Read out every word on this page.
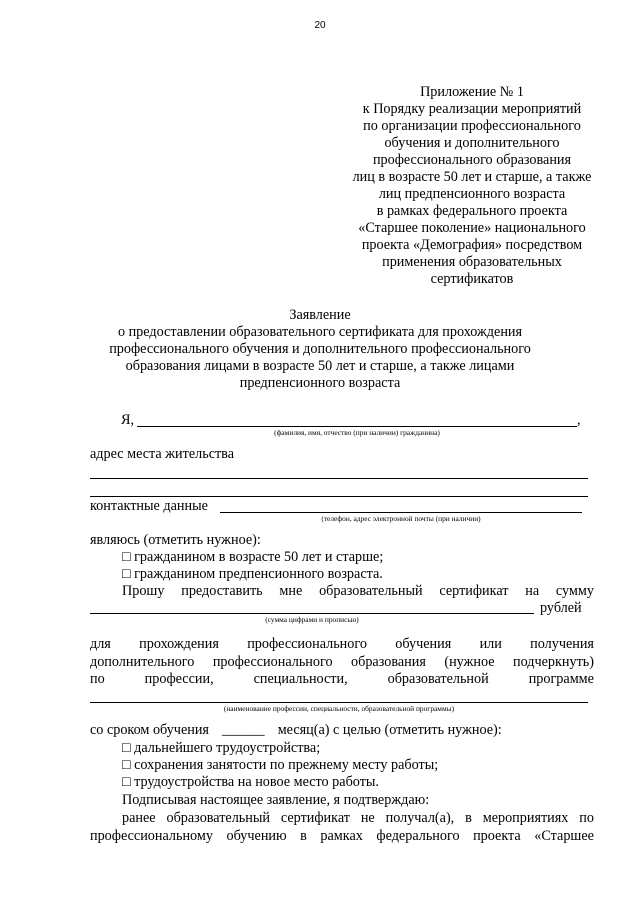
20
Приложение № 1
к Порядку реализации мероприятий
по организации профессионального
обучения и дополнительного
профессионального образования
лиц в возрасте 50 лет и старше, а также
лиц предпенсионного возраста
в рамках федерального проекта
«Старшее поколение» национального
проекта «Демография» посредством
применения образовательных
сертификатов
Заявление
о предоставлении образовательного сертификата для прохождения
профессионального обучения и дополнительного профессионального
образования лицами в возрасте 50 лет и старше, а также лицами
предпенсионного возраста
Я,	,
(фамилия, имя, отчество (при наличии) гражданина)
адрес места жительства
контактные данные
(телефон, адрес электронной почты (при наличии)
являюсь (отметить нужное):
□ гражданином в возрасте 50 лет и старше;
□ гражданином предпенсионного возраста.
Прошу предоставить мне образовательный сертификат на сумму
рублей
(сумма цифрами и прописью)
для прохождения профессионального обучения или получения
дополнительного профессионального образования (нужное подчеркнуть)
по	профессии,	специальности,	образовательной	программе
(наименование профессии, специальности, образовательной программы)
со сроком обучения ______ месяц(а) с целью (отметить нужное):
□ дальнейшего трудоустройства;
□ сохранения занятости по прежнему месту работы;
□ трудоустройства на новое место работы.
Подписывая настоящее заявление, я подтверждаю:
ранее образовательный сертификат не получал(а), в мероприятиях по
профессиональному обучению в рамках федерального проекта «Старшее
